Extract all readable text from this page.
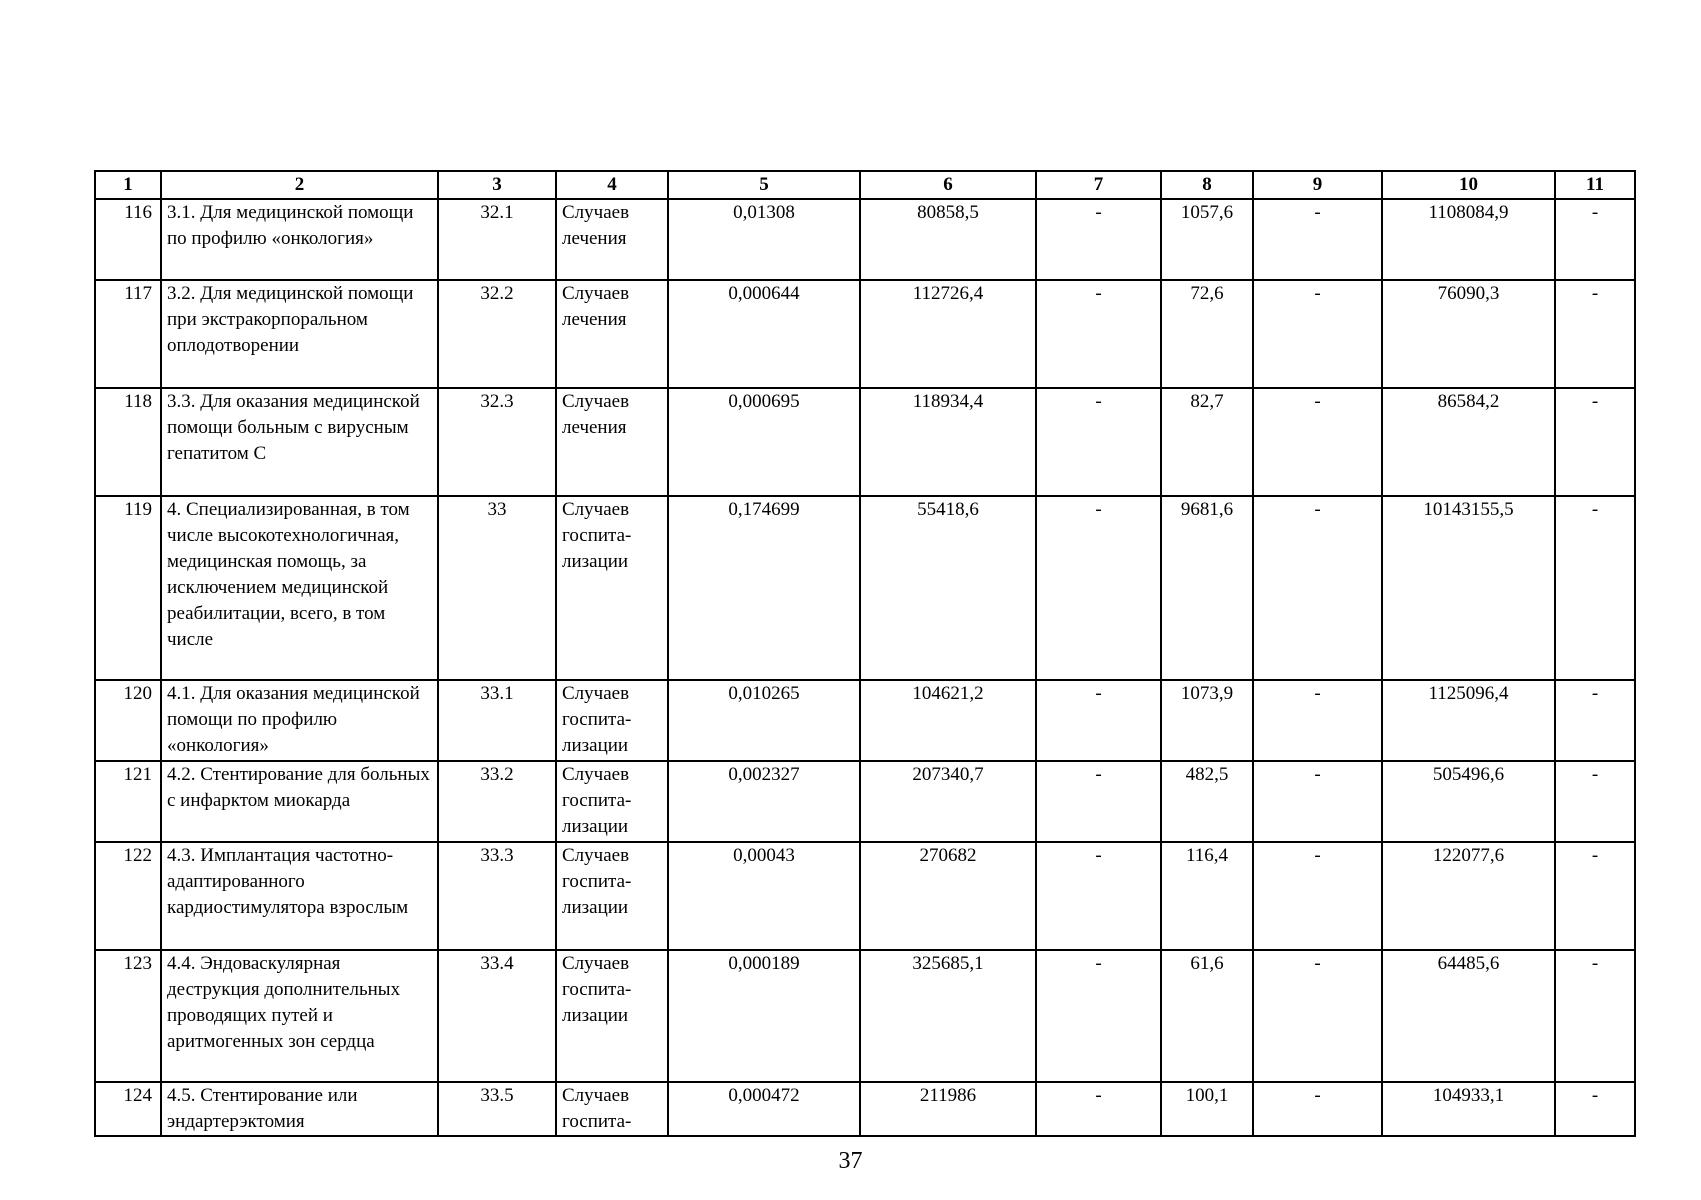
1	2	3	4	5	6	7	8	9	10	11
116	3.1. Для медицинской помощи по профилю «онкология»	32.1	Случаев лечения	0,01308	80858,5	-	1057,6	-	1108084,9	-
117	3.2. Для медицинской помощи при экстракорпоральном оплодотворении	32.2	Случаев лечения	0,000644	112726,4	-	72,6	-	76090,3	-
118	3.3. Для оказания медицинской помощи больным с вирусным гепатитом С	32.3	Случаев лечения	0,000695	118934,4	-	82,7	-	86584,2	-
119	4. Специализированная, в том числе высокотехнологичная, медицинская помощь, за исключением медицинской реабилитации, всего, в том числе	33	Случаев госпита-лизации	0,174699	55418,6	-	9681,6	-	10143155,5	-
120	4.1. Для оказания медицинской помощи по профилю «онкология»	33.1	Случаев госпита-лизации	0,010265	104621,2	-	1073,9	-	1125096,4	-
121	4.2. Стентирование для больных с инфарктом миокарда	33.2	Случаев госпита-лизации	0,002327	207340,7	-	482,5	-	505496,6	-
122	4.3. Имплантация частотно-адаптированного кардиостимулятора взрослым	33.3	Случаев госпита-лизации	0,00043	270682	-	116,4	-	122077,6	-
123	4.4. Эндоваскулярная деструкция дополнительных проводящих путей и аритмогенных зон сердца	33.4	Случаев госпита-лизации	0,000189	325685,1	-	61,6	-	64485,6	-
124	4.5. Стентирование или эндартерэктомия	33.5	Случаев госпита-	0,000472	211986	-	100,1	-	104933,1	-
37
